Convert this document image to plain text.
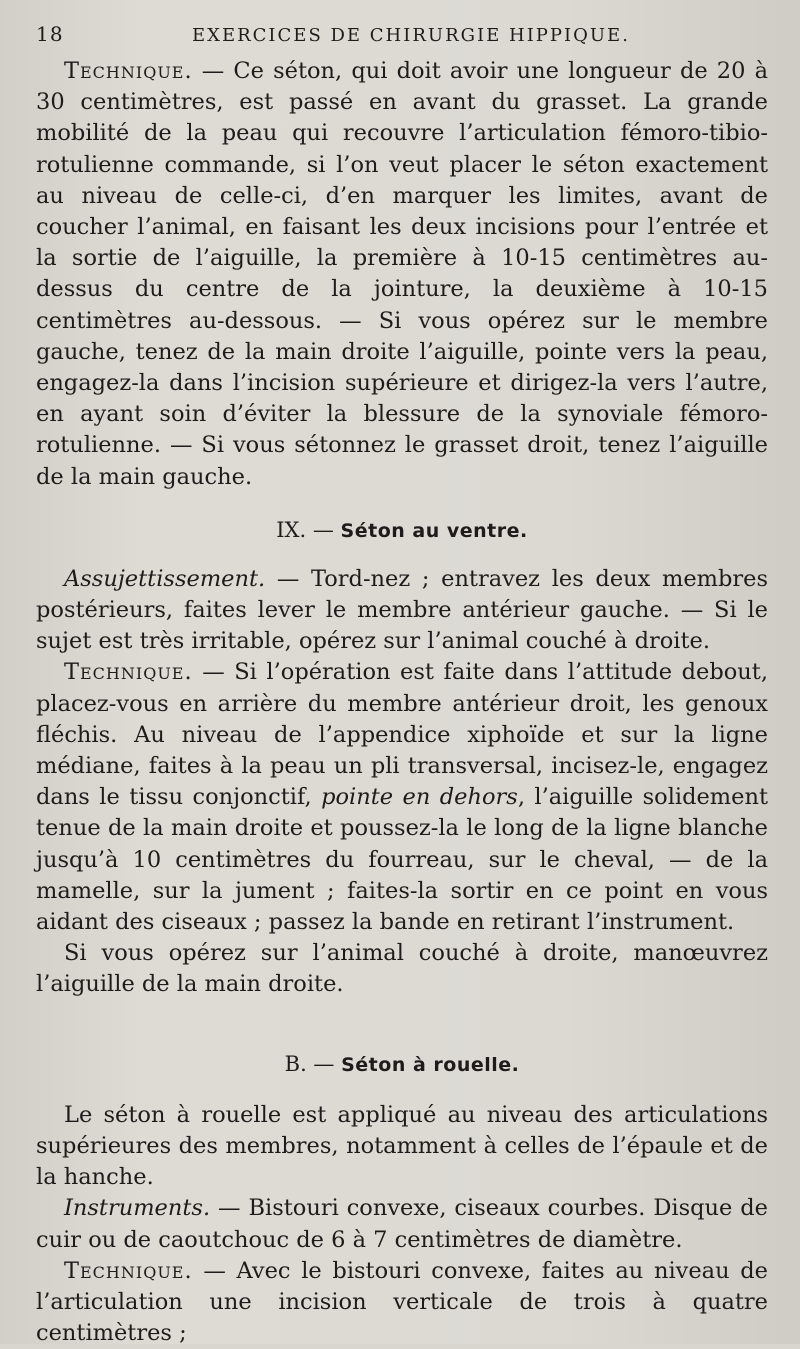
18	EXERCICES DE CHIRURGIE HIPPIQUE.

Technique. — Ce séton, qui doit avoir une longueur de 20 à 30 centimètres, est passé en avant du grasset. La grande mobilité de la peau qui recouvre l’articulation fémoro-tibio-rotulienne commande, si l’on veut placer le séton exactement au niveau de celle-ci, d’en marquer les limites, avant de coucher l’animal, en faisant les deux incisions pour l’entrée et la sortie de l’aiguille, la première à 10-15 centimètres au-dessus du centre de la jointure, la deuxième à 10-15 centimètres au-dessous. — Si vous opérez sur le membre gauche, tenez de la main droite l’aiguille, pointe vers la peau, engagez-la dans l’incision supérieure et dirigez-la vers l’autre, en ayant soin d’éviter la blessure de la synoviale fémoro-rotulienne. — Si vous sétonnez le grasset droit, tenez l’aiguille de la main gauche.

IX. — Séton au ventre.

Assujettissement. — Tord-nez ; entravez les deux membres postérieurs, faites lever le membre antérieur gauche. — Si le sujet est très irritable, opérez sur l’animal couché à droite.

Technique. — Si l’opération est faite dans l’attitude debout, placez-vous en arrière du membre antérieur droit, les genoux fléchis. Au niveau de l’appendice xiphoïde et sur la ligne médiane, faites à la peau un pli transversal, incisez-le, engagez dans le tissu conjonctif, pointe en dehors, l’aiguille solidement tenue de la main droite et poussez-la le long de la ligne blanche jusqu’à 10 centimètres du fourreau, sur le cheval, — de la mamelle, sur la jument ; faites-la sortir en ce point en vous aidant des ciseaux ; passez la bande en retirant l’instrument.

Si vous opérez sur l’animal couché à droite, manœuvrez l’aiguille de la main droite.

B. — Séton à rouelle.

Le séton à rouelle est appliqué au niveau des articulations supérieures des membres, notamment à celles de l’épaule et de la hanche.

Instruments. — Bistouri convexe, ciseaux courbes. Disque de cuir ou de caoutchouc de 6 à 7 centimètres de diamètre.

Technique. — Avec le bistouri convexe, faites au niveau de l’articulation une incision verticale de trois à quatre centimètres ;
